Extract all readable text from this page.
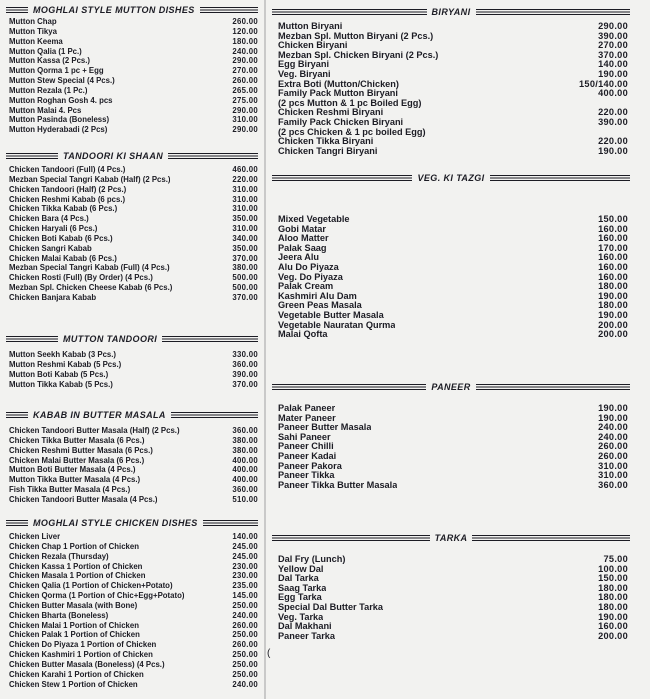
MOGHLAI STYLE MUTTON DISHES
Mutton Chap	260.00
Mutton Tikya	120.00
Mutton Keema	180.00
Mutton Qalia (1 Pc.)	240.00
Mutton Kassa (2 Pcs.)	290.00
Mutton Qorma 1 pc + Egg	270.00
Mutton Stew Special (4 Pcs.)	260.00
Mutton Rezala (1 Pc.)	265.00
Mutton Roghan Gosh 4. pcs	275.00
Mutton Malai 4. Pcs	290.00
Mutton Pasinda (Boneless)	310.00
Mutton Hyderabadi (2 Pcs)	290.00
TANDOORI KI SHAAN
Chicken Tandoori (Full) (4 Pcs.)	460.00
Mezban Special Tangri Kabab (Half) (2 Pcs.)	220.00
Chicken Tandoori (Half) (2 Pcs.)	310.00
Chicken Reshmi Kabab (6 pcs.)	310.00
Chicken Tikka Kabab (6 Pcs.)	310.00
Chicken Bara (4 Pcs.)	350.00
Chicken Haryali (6 Pcs.)	310.00
Chicken Boti Kabab (6 Pcs.)	340.00
Chicken Sangri Kabab	350.00
Chicken Malai Kabab (6 Pcs.)	370.00
Mezban Special Tangri Kabab (Full) (4 Pcs.)	380.00
Chicken Rosti (Full) (By Order) (4 Pcs.)	500.00
Mezban Spl. Chicken Cheese Kabab (6 Pcs.)	500.00
Chicken Banjara Kabab	370.00
MUTTON TANDOORI
Mutton Seekh Kabab (3 Pcs.)	330.00
Mutton Reshmi Kabab (5 Pcs.)	360.00
Mutton Boti Kabab (5 Pcs.)	390.00
Mutton Tikka Kabab (5 Pcs.)	370.00
KABAB IN BUTTER MASALA
Chicken Tandoori Butter Masala (Half) (2 Pcs.)	360.00
Chicken Tikka Butter Masala (6 Pcs.)	380.00
Chicken Reshmi Butter Masala (6 Pcs.)	380.00
Chicken Malai Butter Masala (6 Pcs.)	400.00
Mutton Boti Butter Masala (4 Pcs.)	400.00
Mutton Tikka Butter Masala (4 Pcs.)	400.00
Fish Tikka Butter Masala (4 Pcs.)	360.00
Chicken Tandoori Butter Masala (4 Pcs.)	510.00
MOGHLAI STYLE CHICKEN DISHES
Chicken Liver	140.00
Chicken Chap 1 Portion of Chicken	245.00
Chicken Rezala (Thursday)	245.00
Chicken Kassa 1 Portion of Chicken	230.00
Chicken Masala 1 Portion of Chicken	230.00
Chicken Qalia (1 Portion of Chicken+Potato)	235.00
Chicken Qorma (1 Portion of Chic+Egg+Potato)	145.00
Chicken Butter Masala (with Bone)	250.00
Chicken Bharta (Boneless)	240.00
Chicken Malai 1 Portion of Chicken	260.00
Chicken Palak 1 Portion of Chicken	250.00
Chicken Do Piyaza 1 Portion of Chicken	260.00
Chicken Kashmiri 1 Portion of Chicken	250.00
Chicken Butter Masala (Boneless) (4 Pcs.)	250.00
Chicken Karahi 1 Portion of Chicken	250.00
Chicken Stew 1 Portion of Chicken	240.00
(
BIRYANI
Mutton Biryani	290.00
Mezban Spl. Mutton Biryani (2 Pcs.)	390.00
Chicken Biryani	270.00
Mezban Spl. Chicken Biryani (2 Pcs.)	370.00
Egg Biryani	140.00
Veg. Biryani	190.00
Extra Boti (Mutton/Chicken)	150/140.00
Family Pack Mutton Biryani	400.00
(2 pcs Mutton & 1 pc Boiled Egg)
Chicken Reshmi Biryani	220.00
Family Pack Chicken Biryani	390.00
(2 pcs Chicken & 1 pc boiled Egg)
Chicken Tikka Biryani	220.00
Chicken Tangri Biryani	190.00
VEG. KI TAZGI
Mixed Vegetable	150.00
Gobi Matar	160.00
Aloo Matter	160.00
Palak Saag	170.00
Jeera Alu	160.00
Alu Do Piyaza	160.00
Veg. Do Piyaza	160.00
Palak Cream	180.00
Kashmiri Alu Dam	190.00
Green Peas Masala	180.00
Vegetable Butter Masala	190.00
Vegetable Nauratan Qurma	200.00
Malai Qofta	200.00
PANEER
Palak Paneer	190.00
Mater Paneer	190.00
Paneer Butter Masala	240.00
Sahi Paneer	240.00
Paneer Chilli	260.00
Paneer Kadai	260.00
Paneer Pakora	310.00
Paneer Tikka	310.00
Paneer Tikka Butter Masala	360.00
TARKA
Dal Fry (Lunch)	75.00
Yellow Dal	100.00
Dal Tarka	150.00
Saag Tarka	180.00
Egg Tarka	180.00
Special Dal Butter Tarka	180.00
Veg. Tarka	190.00
Dal Makhani	160.00
Paneer Tarka	200.00
